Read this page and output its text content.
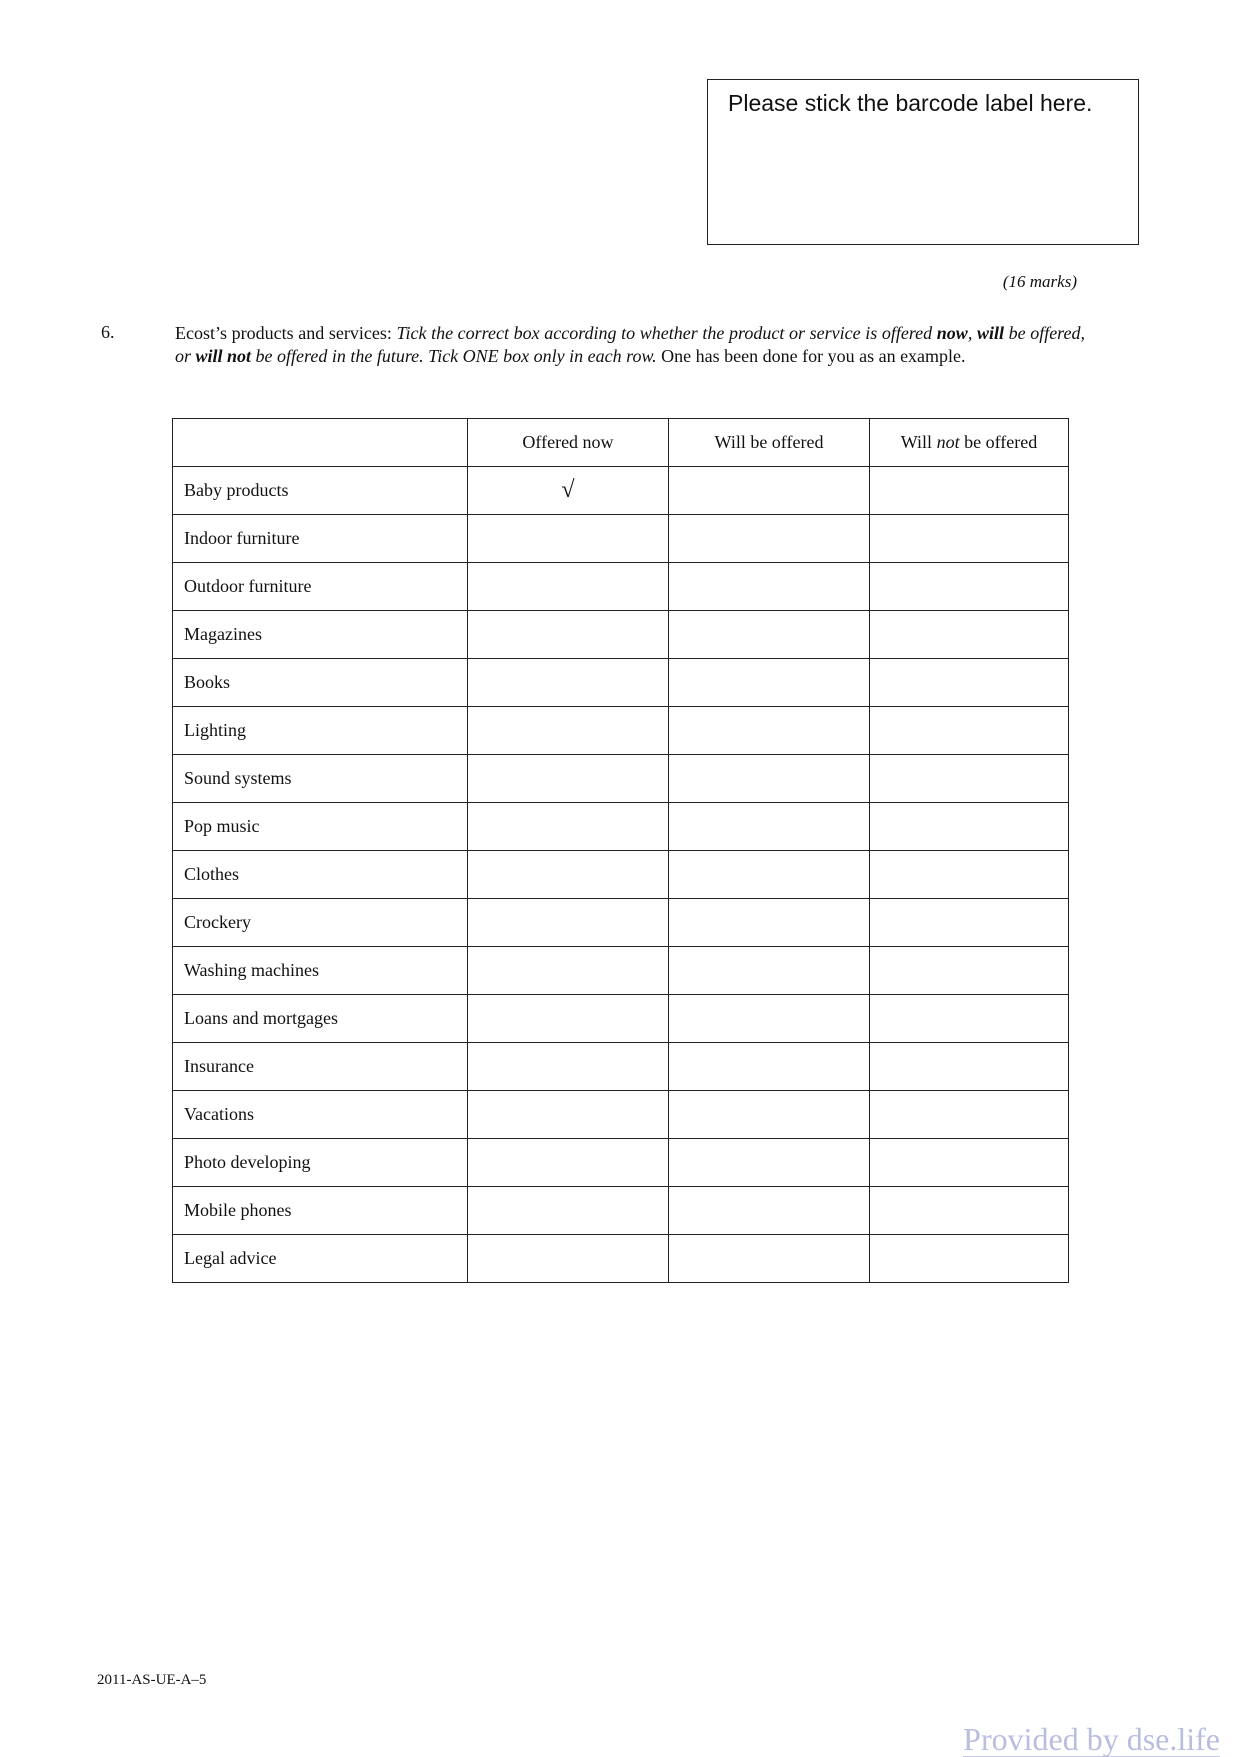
Please stick the barcode label here.
(16 marks)
6.	Ecost’s products and services: Tick the correct box according to whether the product or service is offered now, will be offered, or will not be offered in the future. Tick ONE box only in each row. One has been done for you as an example.
	Offered now	Will be offered	Will not be offered
Baby products	√		
Indoor furniture			
Outdoor furniture			
Magazines			
Books			
Lighting			
Sound systems			
Pop music			
Clothes			
Crockery			
Washing machines			
Loans and mortgages			
Insurance			
Vacations			
Photo developing			
Mobile phones			
Legal advice			
2011-AS-UE-A–5
Provided by dse.life
